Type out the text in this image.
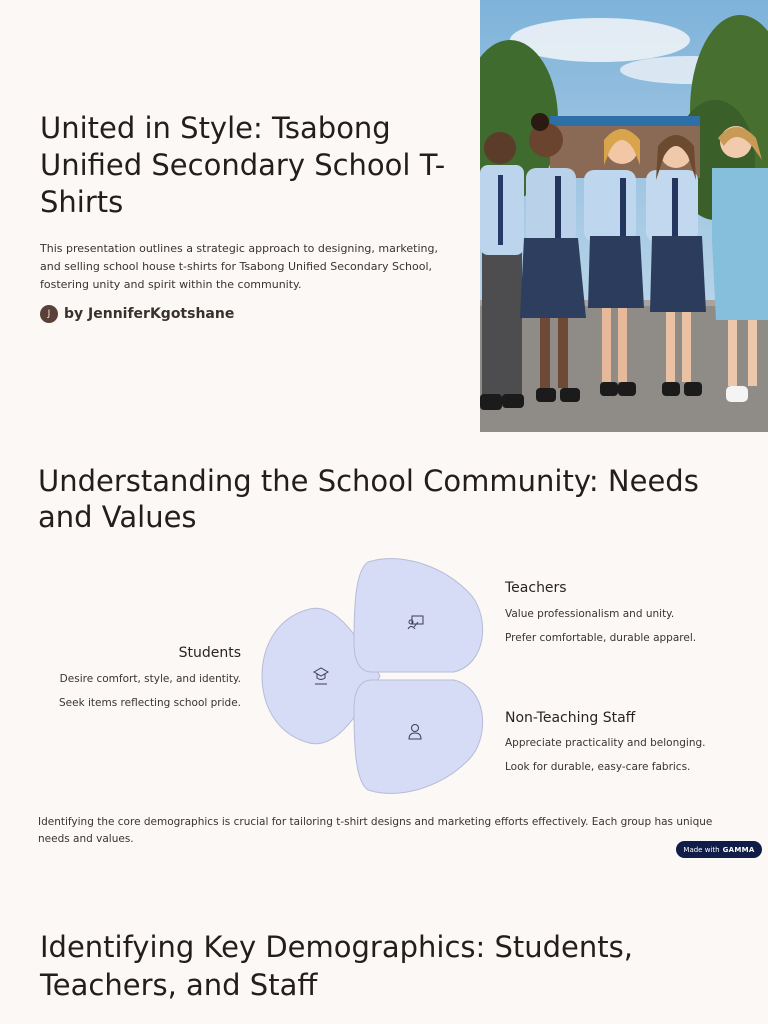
United in Style: Tsabong Unified Secondary School T-Shirts
This presentation outlines a strategic approach to designing, marketing, and selling school house t-shirts for Tsabong Unified Secondary School, fostering unity and spirit within the community.
J by JenniferKgotshane
Understanding the School Community: Needs and Values
Students
Desire comfort, style, and identity.
Seek items reflecting school pride.
Teachers
Value professionalism and unity.
Prefer comfortable, durable apparel.
Non-Teaching Staff
Appreciate practicality and belonging.
Look for durable, easy-care fabrics.
Identifying the core demographics is crucial for tailoring t-shirt designs and marketing efforts effectively. Each group has unique needs and values.
Made with GAMMA
Identifying Key Demographics: Students, Teachers, and Staff
